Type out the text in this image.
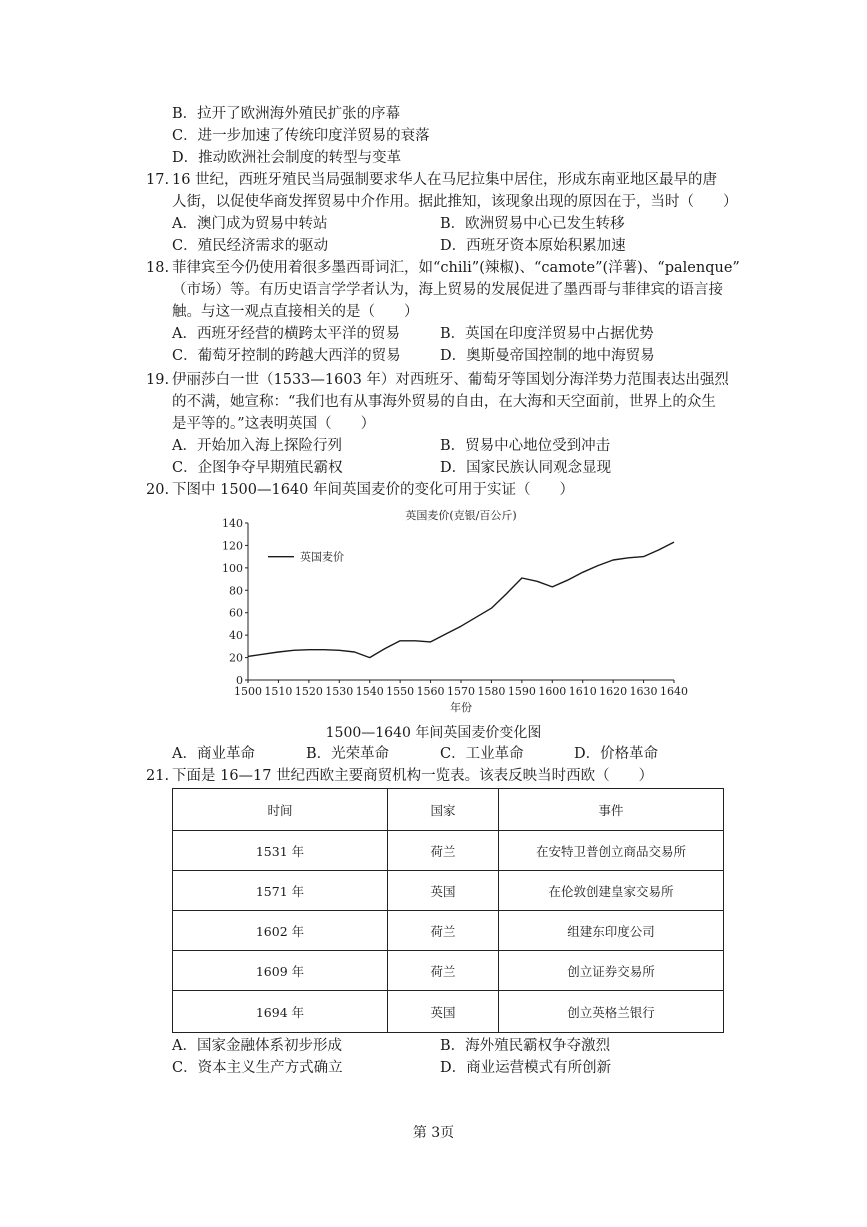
B．拉开了欧洲海外殖民扩张的序幕
C．进一步加速了传统印度洋贸易的衰落
D．推动欧洲社会制度的转型与变革
17. 16 世纪，西班牙殖民当局强制要求华人在马尼拉集中居住，形成东南亚地区最早的唐
人街，以促使华商发挥贸易中介作用。据此推知，该现象出现的原因在于，当时（　　）
A．澳门成为贸易中转站	B．欧洲贸易中心已发生转移
C．殖民经济需求的驱动	D．西班牙资本原始积累加速
18. 菲律宾至今仍使用着很多墨西哥词汇，如“chili”(辣椒)、“camote”(洋薯)、“palenque”
（市场）等。有历史语言学学者认为，海上贸易的发展促进了墨西哥与菲律宾的语言接
触。与这一观点直接相关的是（　　）
A．西班牙经营的横跨太平洋的贸易	B．英国在印度洋贸易中占据优势
C．葡萄牙控制的跨越大西洋的贸易	D．奥斯曼帝国控制的地中海贸易
19. 伊丽莎白一世（1533—1603 年）对西班牙、葡萄牙等国划分海洋势力范围表达出强烈
的不满，她宣称：“我们也有从事海外贸易的自由，在大海和天空面前，世界上的众生
是平等的。”这表明英国（　　）
A．开始加入海上探险行列	B．贸易中心地位受到冲击
C．企图争夺早期殖民霸权	D．国家民族认同观念显现
20. 下图中 1500—1640 年间英国麦价的变化可用于实证（　　）
0
20
40
60
80
100
120
140
1500 1510 1520 1530 1540 1550 1560 1570 1580 1590 1600 1610 1620 1630 1640
英国麦价(克银/百公斤)
年份
英国麦价
1500—1640 年间英国麦价变化图
A．商业革命	B．光荣革命	C．工业革命	D．价格革命
21. 下面是 16—17 世纪西欧主要商贸机构一览表。该表反映当时西欧（　　）
时间	国家	事件
1531 年	荷兰	在安特卫普创立商品交易所
1571 年	英国	在伦敦创建皇家交易所
1602 年	荷兰	组建东印度公司
1609 年	荷兰	创立证券交易所
1694 年	英国	创立英格兰银行
A．国家金融体系初步形成	B．海外殖民霸权争夺激烈
C．资本主义生产方式确立	D．商业运营模式有所创新
第 3页
